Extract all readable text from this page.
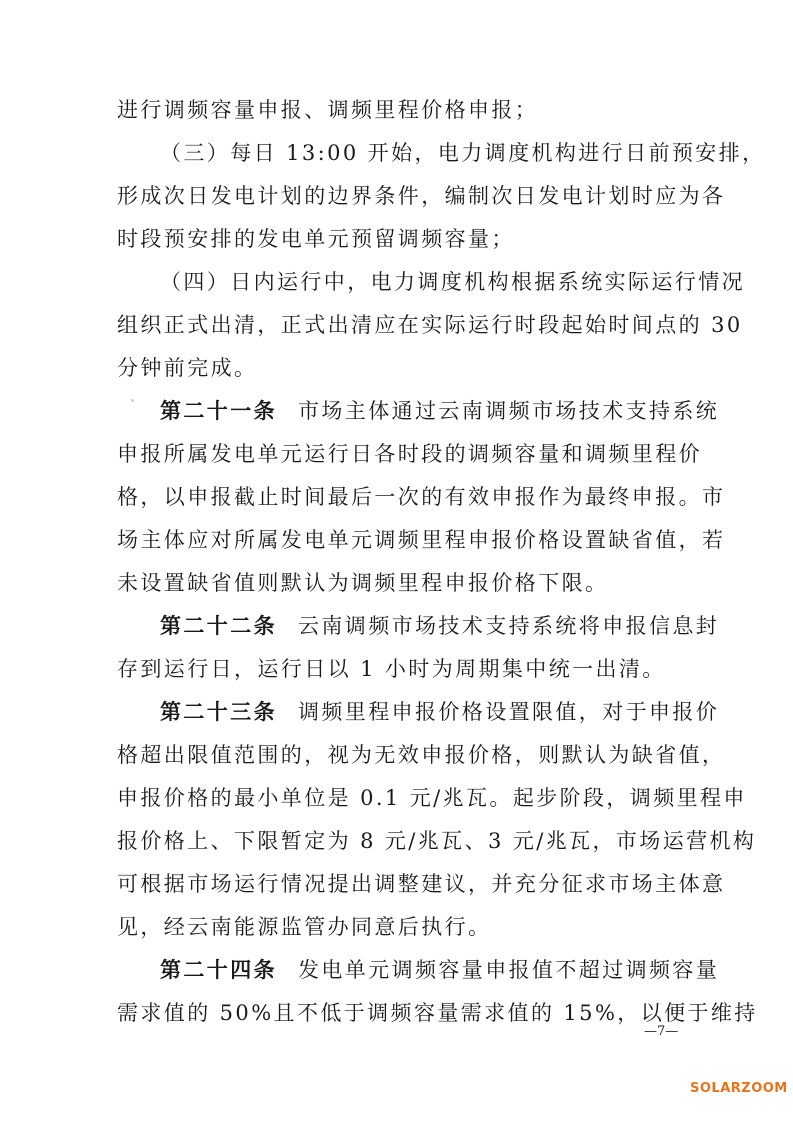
进行调频容量申报、调频里程价格申报；
（三）每日 13:00 开始，电力调度机构进行日前预安排，
形成次日发电计划的边界条件，编制次日发电计划时应为各
时段预安排的发电单元预留调频容量；
（四）日内运行中，电力调度机构根据系统实际运行情况
组织正式出清，正式出清应在实际运行时段起始时间点的 30
分钟前完成。
第二十一条 市场主体通过云南调频市场技术支持系统
申报所属发电单元运行日各时段的调频容量和调频里程价
格，以申报截止时间最后一次的有效申报作为最终申报。市
场主体应对所属发电单元调频里程申报价格设置缺省值，若
未设置缺省值则默认为调频里程申报价格下限。
第二十二条 云南调频市场技术支持系统将申报信息封
存到运行日，运行日以 1 小时为周期集中统一出清。
第二十三条 调频里程申报价格设置限值，对于申报价
格超出限值范围的，视为无效申报价格，则默认为缺省值，
申报价格的最小单位是 0.1 元/兆瓦。起步阶段，调频里程申
报价格上、下限暂定为 8 元/兆瓦、3 元/兆瓦，市场运营机构
可根据市场运行情况提出调整建议，并充分征求市场主体意
见，经云南能源监管办同意后执行。
第二十四条 发电单元调频容量申报值不超过调频容量
需求值的 50%且不低于调频容量需求值的 15%，以便于维持
—7—
SOLARZOOM
